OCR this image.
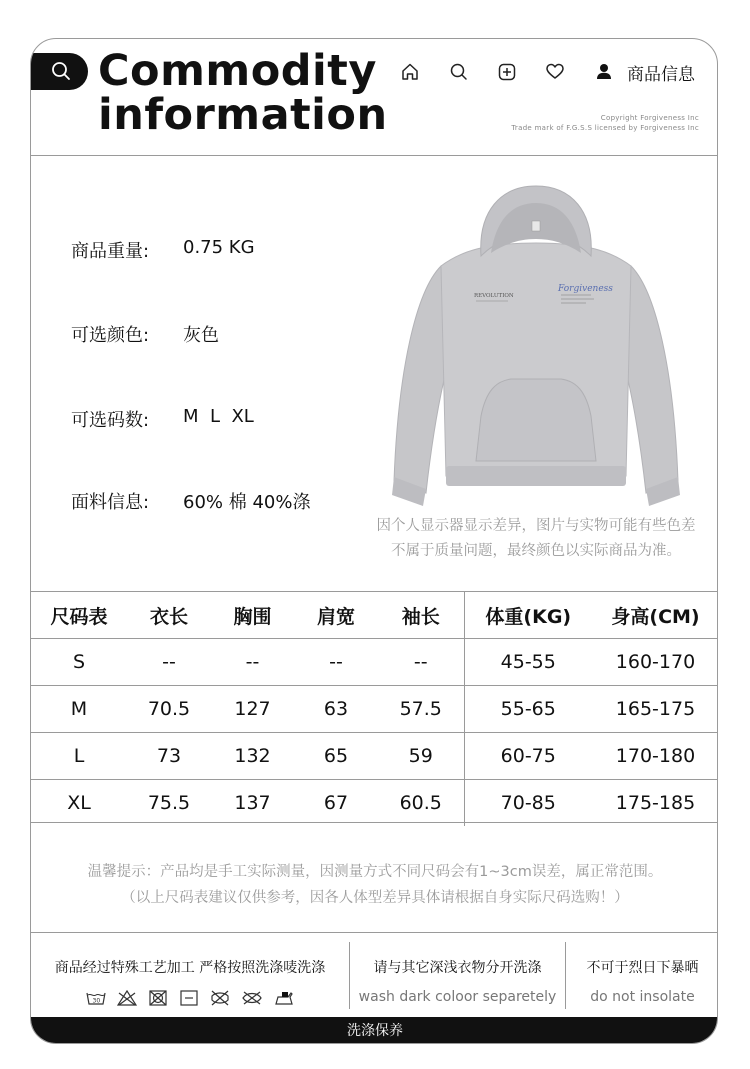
Commodity
information
商品信息
Copyright Forgiveness Inc
Trade mark of F.G.S.S licensed by Forgiveness Inc
商品重量: 0.75 KG
可选颜色: 灰色
可选码数: M  L  XL
面料信息: 60% 棉 40%涤
REVOLUTION
Forgiveness
因个人显示器显示差异，图片与实物可能有些色差
不属于质量问题，最终颜色以实际商品为准。
尺码表	衣长	胸围	肩宽	袖长	体重(KG)	身高(CM)
S	--	--	--	--	45-55	160-170
M	70.5	127	63	57.5	55-65	165-175
L	73	132	65	59	60-75	170-180
XL	75.5	137	67	60.5	70-85	175-185
温馨提示：产品均是手工实际测量，因测量方式不同尺码会有1~3cm误差，属正常范围。
（以上尺码表建议仅供参考，因各人体型差异具体请根据自身实际尺码选购！）
商品经过特殊工艺加工 严格按照洗涤唛洗涤
30
请与其它深浅衣物分开洗涤
wash dark coloor separetely
不可于烈日下暴晒
do not insolate
洗涤保养
